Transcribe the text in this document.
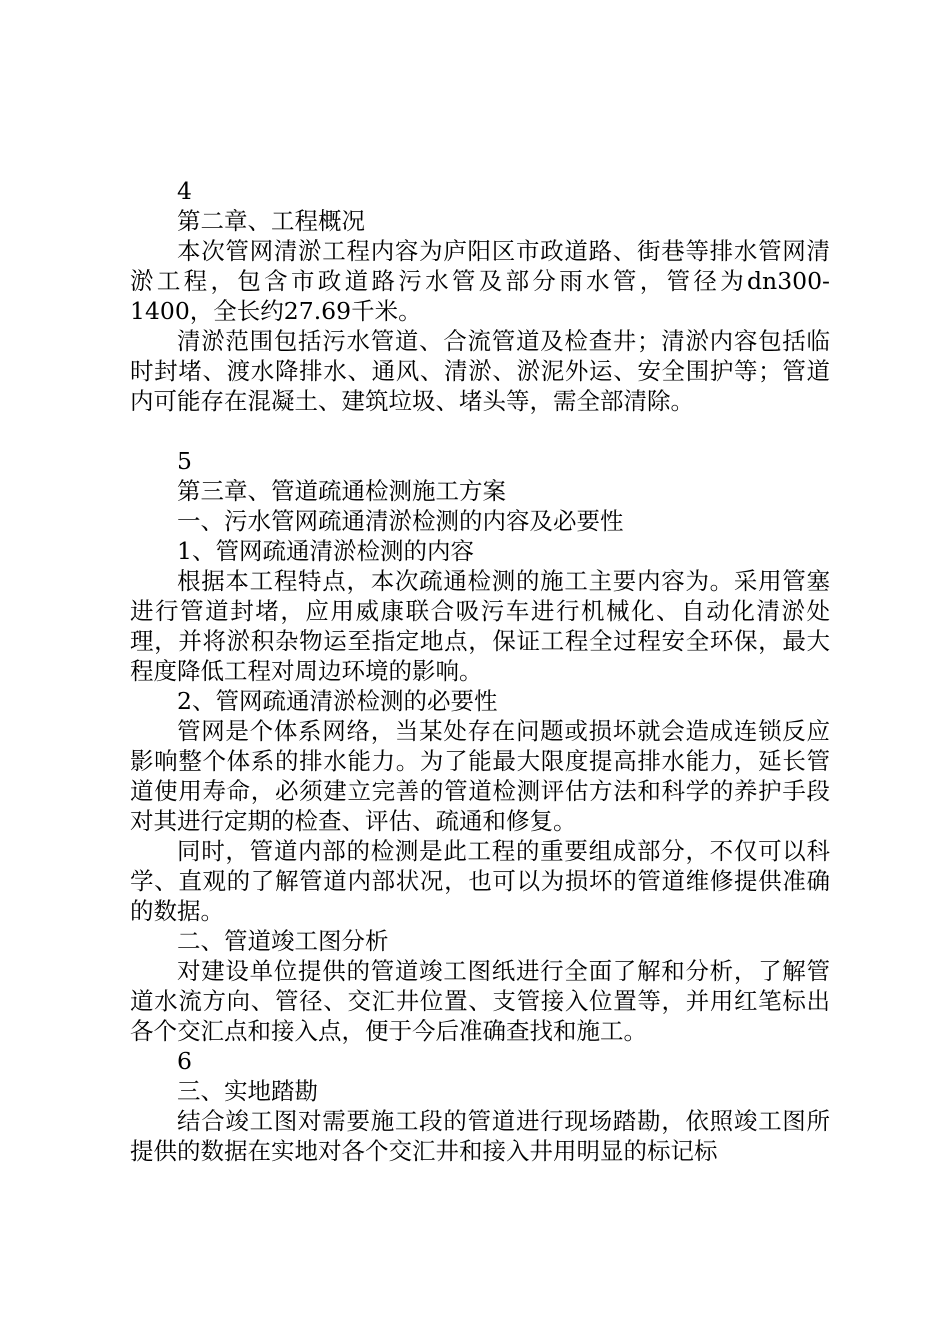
4

第二章、工程概况

本次管网清淤工程内容为庐阳区市政道路、街巷等排水管网清淤工程，包含市政道路污水管及部分雨水管，管径为dn300-1400，全长约27.69千米。

清淤范围包括污水管道、合流管道及检查井；清淤内容包括临时封堵、渡水降排水、通风、清淤、淤泥外运、安全围护等；管道内可能存在混凝土、建筑垃圾、堵头等，需全部清除。

5

第三章、管道疏通检测施工方案

一、污水管网疏通清淤检测的内容及必要性

1、管网疏通清淤检测的内容

根据本工程特点，本次疏通检测的施工主要内容为。采用管塞进行管道封堵，应用威康联合吸污车进行机械化、自动化清淤处理，并将淤积杂物运至指定地点，保证工程全过程安全环保，最大程度降低工程对周边环境的影响。

2、管网疏通清淤检测的必要性

管网是个体系网络，当某处存在问题或损坏就会造成连锁反应影响整个体系的排水能力。为了能最大限度提高排水能力，延长管道使用寿命，必须建立完善的管道检测评估方法和科学的养护手段对其进行定期的检查、评估、疏通和修复。

同时，管道内部的检测是此工程的重要组成部分，不仅可以科学、直观的了解管道内部状况，也可以为损坏的管道维修提供准确的数据。

二、管道竣工图分析

对建设单位提供的管道竣工图纸进行全面了解和分析，了解管道水流方向、管径、交汇井位置、支管接入位置等，并用红笔标出各个交汇点和接入点，便于今后准确查找和施工。

6

三、实地踏勘

结合竣工图对需要施工段的管道进行现场踏勘，依照竣工图所提供的数据在实地对各个交汇井和接入井用明显的标记标
